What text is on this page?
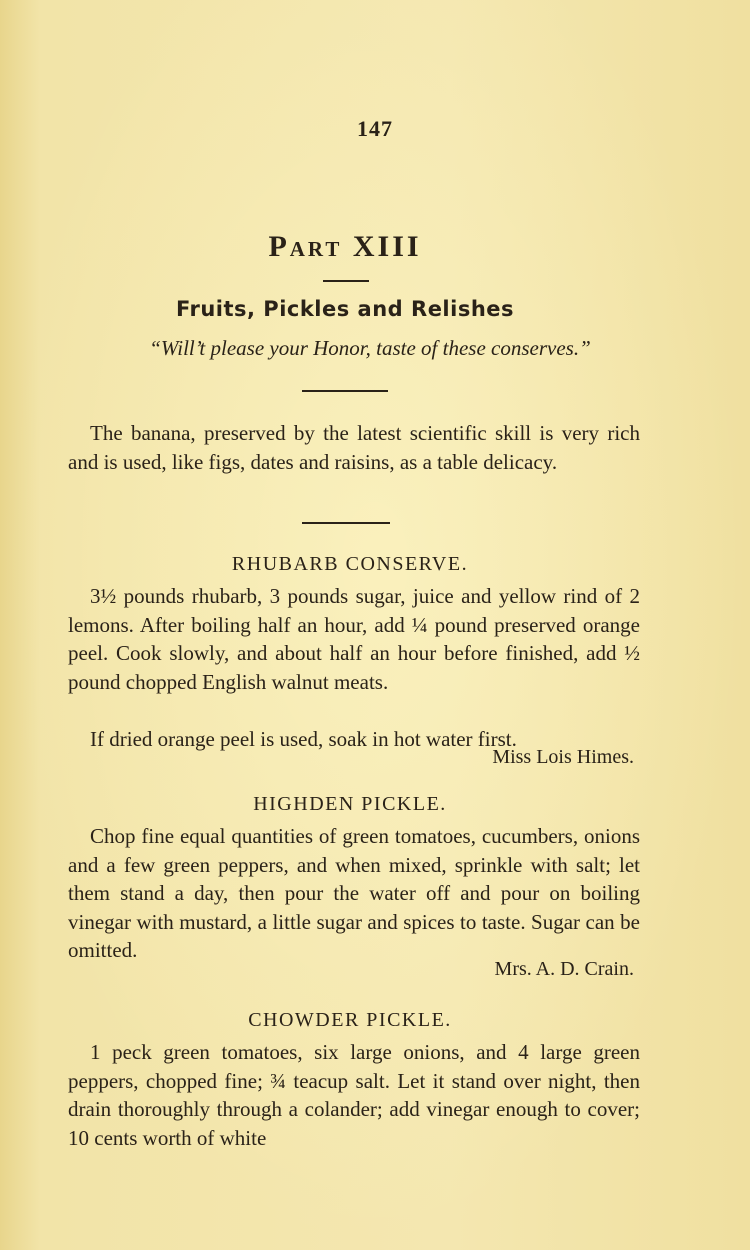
147
Part XIII
Fruits, Pickles and Relishes
“Will’t please your Honor, taste of these conserves.”
The banana, preserved by the latest scientific skill is very rich and is used, like figs, dates and raisins, as a table delicacy.
RHUBARB CONSERVE.
3½ pounds rhubarb, 3 pounds sugar, juice and yellow rind of 2 lemons. After boiling half an hour, add ¼ pound preserved orange peel. Cook slowly, and about half an hour before finished, add ½ pound chopped English walnut meats.
If dried orange peel is used, soak in hot water first.
Miss Lois Himes.
HIGHDEN PICKLE.
Chop fine equal quantities of green tomatoes, cucumbers, onions and a few green peppers, and when mixed, sprinkle with salt; let them stand a day, then pour the water off and pour on boiling vinegar with mustard, a little sugar and spices to taste. Sugar can be omitted.
Mrs. A. D. Crain.
CHOWDER PICKLE.
1 peck green tomatoes, six large onions, and 4 large green peppers, chopped fine; ¾ teacup salt. Let it stand over night, then drain thoroughly through a colander; add vinegar enough to cover; 10 cents worth of white
